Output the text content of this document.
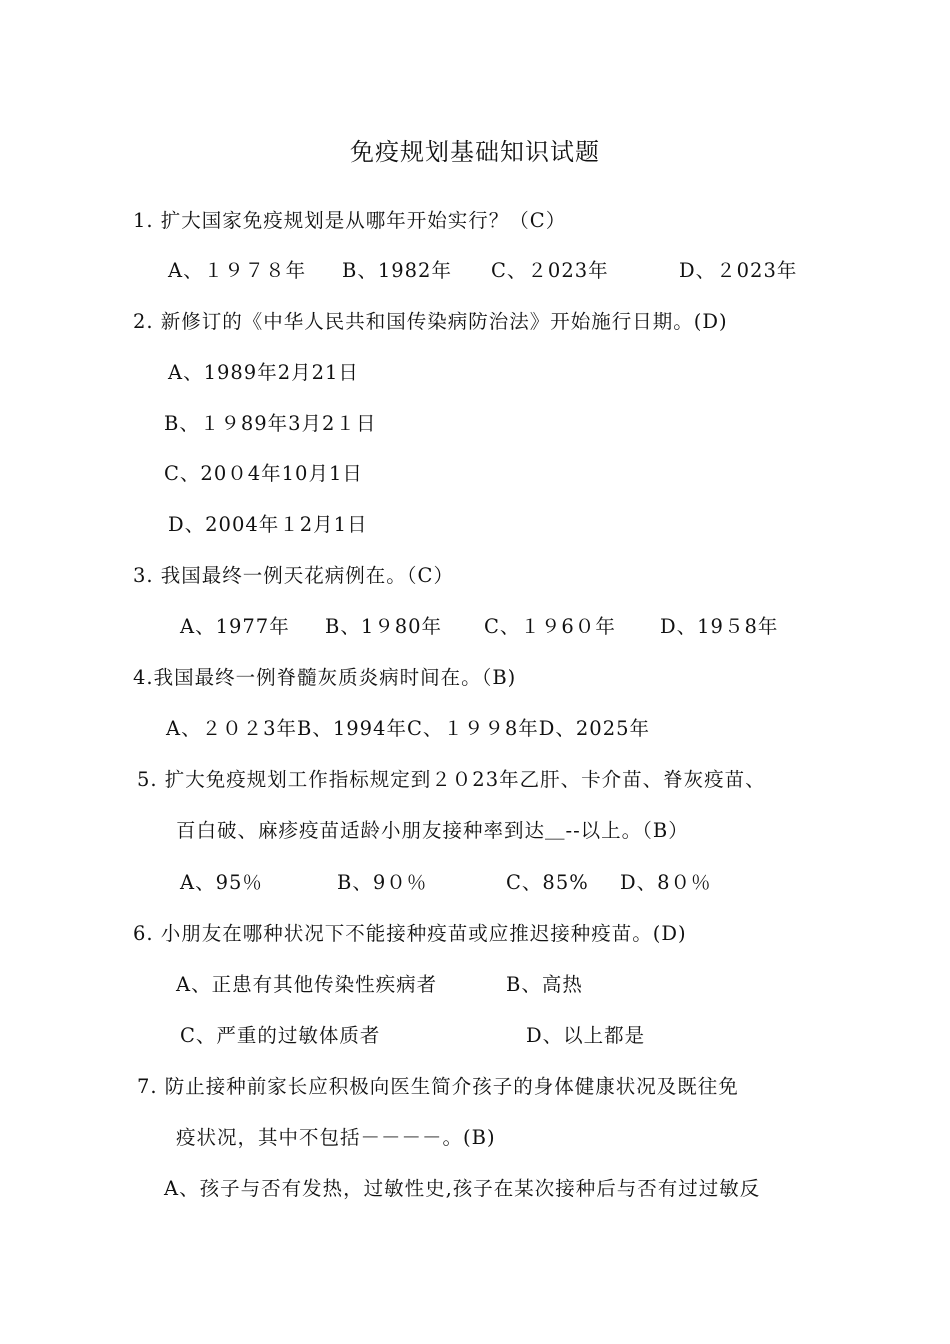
免疫规划基础知识试题
1. 扩大国家免疫规划是从哪年开始实行？（C）
A、１９７８年 B、1982年 C、２023年	D、２023年
2. 新修订的《中华人民共和国传染病防治法》开始施行日期。(D)
A、1989年2月21日
B、１９89年3月2１日
C、20０4年10月1日
D、2004年１2月1日
3. 我国最终一例天花病例在。（C）
A、1977年 B、1９80年 C、１９6０年 D、19５8年
4.我国最终一例脊髓灰质炎病时间在。（B)
A、２０２3年B、1994年C、１９９8年D、2025年
5. 扩大免疫规划工作指标规定到２０23年乙肝、卡介苗、脊灰疫苗、
百白破、麻疹疫苗适龄小朋友接种率到达＿--以上。（B）
A、95％	B、9０％	C、85% D、8０％
6. 小朋友在哪种状况下不能接种疫苗或应推迟接种疫苗。(D)
A、正患有其他传染性疾病者	B、高热
C、严重的过敏体质者	D、以上都是
7. 防止接种前家长应积极向医生简介孩子的身体健康状况及既往免
疫状况，其中不包括－－－－。(B)
A、孩子与否有发热，过敏性史,孩子在某次接种后与否有过过敏反
